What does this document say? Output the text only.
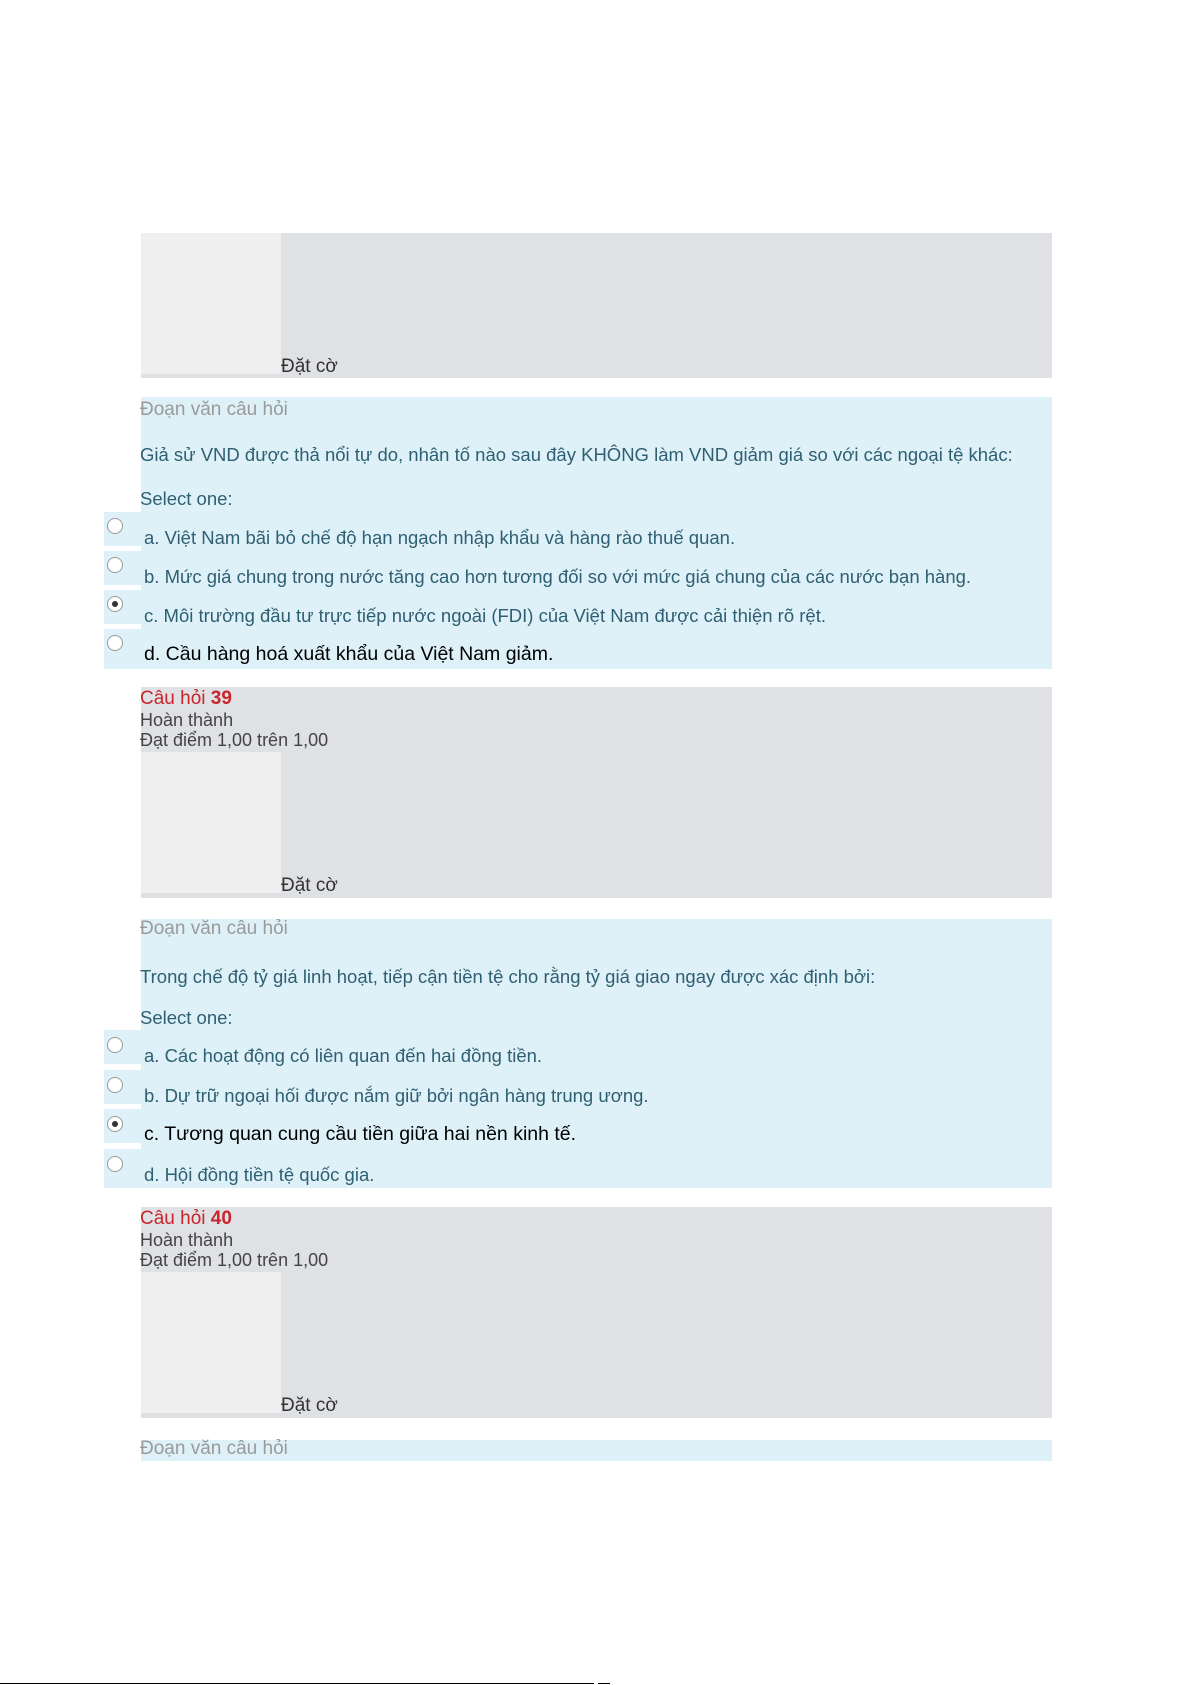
Đặt cờ
Đoạn văn câu hỏi
Giả sử VND được thả nổi tự do, nhân tố nào sau đây KHÔNG làm VND giảm giá so với các ngoại tệ khác:
Select one:
a. Việt Nam bãi bỏ chế độ hạn ngạch nhập khẩu và hàng rào thuế quan.
b. Mức giá chung trong nước tăng cao hơn tương đối so với mức giá chung của các nước bạn hàng.
c. Môi trường đầu tư trực tiếp nước ngoài (FDI) của Việt Nam được cải thiện rõ rệt.
d. Cầu hàng hoá xuất khẩu của Việt Nam giảm.
Câu hỏi 39
Hoàn thành
Đạt điểm 1,00 trên 1,00
Đặt cờ
Đoạn văn câu hỏi
Trong chế độ tỷ giá linh hoạt, tiếp cận tiền tệ cho rằng tỷ giá giao ngay được xác định bởi:
Select one:
a. Các hoạt động có liên quan đến hai đồng tiền.
b. Dự trữ ngoại hối được nắm giữ bởi ngân hàng trung ương.
c. Tương quan cung cầu tiền giữa hai nền kinh tế.
d. Hội đồng tiền tệ quốc gia.
Câu hỏi 40
Hoàn thành
Đạt điểm 1,00 trên 1,00
Đặt cờ
Đoạn văn câu hỏi
